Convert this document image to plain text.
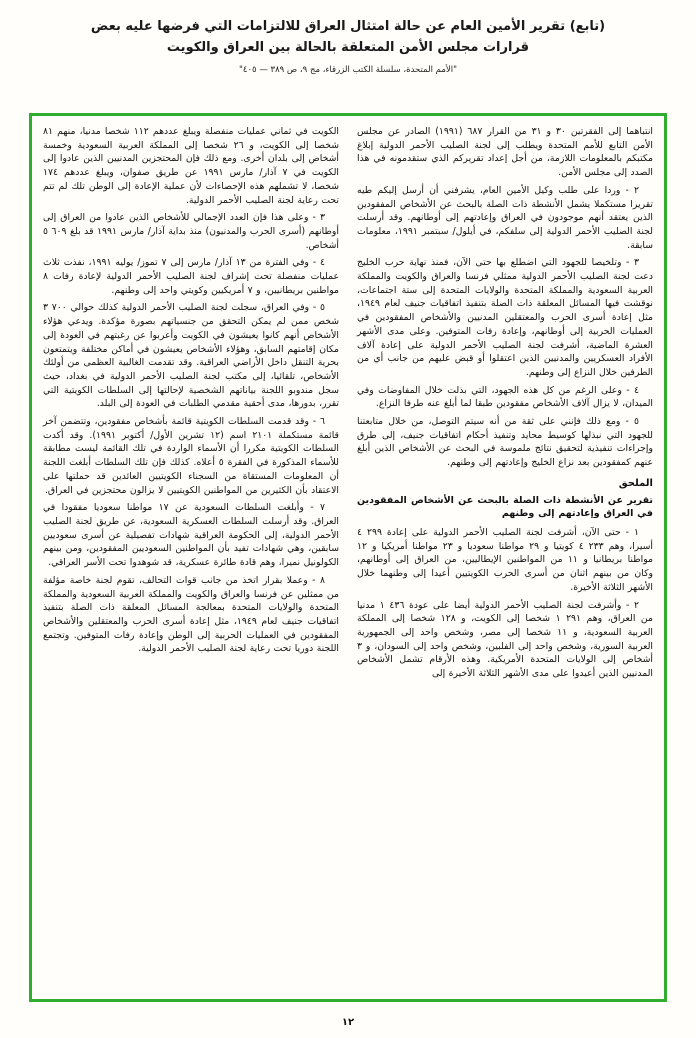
(تابع) تقرير الأمين العام عن حالة امتثال العراق للالتزامات التي فرضها عليه بعض
قرارات مجلس الأمن المتعلقة بالحالة بين العراق والكويت
"الأمم المتحدة، سلسلة الكتب الزرقاء، مج ٩، ص ٣٨٩ — ٤٠٥"

انتباهما إلى الفقرتين ٣٠ و ٣١ من القرار ٦٨٧ (١٩٩١) الصادر عن مجلس الأمن التابع للأمم المتحدة ويطلب إلى لجنة الصليب الأحمر الدولية إبلاغ مكتبكم بالمعلومات اللازمة، من أجل إعداد تقريركم الذي ستقدمونه في هذا الصدد إلى مجلس الأمن.

٢ - وردا على طلب وكيل الأمين العام، يشرفني أن أرسل إليكم طيه تقريرا مستكملا يشمل الأنشطة ذات الصلة بالبحث عن الأشخاص المفقودين الذين يعتقد أنهم موجودون في العراق وإعادتهم إلى أوطانهم. وقد أرسلت لجنة الصليب الأحمر الدولية إلى سلفكم، في أيلول/ سبتمبر ١٩٩١، معلومات سابقة.

٣ - وتلخيصا للجهود التي اضطلع بها حتى الآن، فمنذ نهاية حرب الخليج دعت لجنة الصليب الأحمر الدولية ممثلي فرنسا والعراق والكويت والمملكة العربية السعودية والمملكة المتحدة والولايات المتحدة إلى ستة اجتماعات، نوقشت فيها المسائل المعلقة ذات الصلة بتنفيذ اتفاقيات جنيف لعام ١٩٤٩، مثل إعادة أسرى الحرب والمعتقلين المدنيين والأشخاص المفقودين في العمليات الحربية إلى أوطانهم، وإعادة رفات المتوفين. وعلى مدى الأشهر العشرة الماضية، أشرفت لجنة الصليب الأحمر الدولية على إعادة آلاف الأفراد العسكريين والمدنيين الذين اعتقلوا أو قبض عليهم من جانب أي من الطرفين خلال النزاع إلى وطنهم.

٤ - وعلى الرغم من كل هذه الجهود، التي بذلت خلال المفاوضات وفي الميدان، لا يزال آلاف الأشخاص مفقودين طبقا لما أبلغ عنه طرفا النزاع.

٥ - ومع ذلك فإنني على ثقة من أنه سيتم التوصل، من خلال متابعتنا للجهود التي نبذلها كوسيط محايد وتنفيذ أحكام اتفاقيات جنيف، إلى طرق وإجراءات تنفيذية لتحقيق نتائج ملموسة في البحث عن الأشخاص الذين أبلغ عنهم كمفقودين بعد نزاع الخليج وإعادتهم إلى وطنهم.

الملحق

تقرير عن الأنشطة ذات الصلة بالبحث عن الأشخاص المفقودين في العراق وإعادتهم إلى وطنهم

١ - حتى الآن، أشرفت لجنة الصليب الأحمر الدولية على إعادة ٢٩٩ ٤ أسيرا، وهم ٢٣٣ ٤ كويتيا و ٢٩ مواطنا سعوديا و ٢٣ مواطنا أمريكيا و ١٢ مواطنا بريطانيا و ١١ من المواطنين الإيطاليين، من العراق إلى أوطانهم، وكان من بينهم اثنان من أسرى الحرب الكويتيين أعيدا إلى وطنهما خلال الأشهر الثلاثة الأخيرة.

٢ - وأشرفت لجنة الصليب الأحمر الدولية أيضا على عودة ٤٣٦ ١ مدنيا من العراق، وهم ٢٩١ ١ شخصا إلى الكويت، و ١٢٨ شخصا إلى المملكة العربية السعودية، و ١١ شخصا إلى مصر، وشخص واحد إلى الجمهورية العربية السورية، وشخص واحد إلى الفلبين، وشخص واحد إلى السودان، و ٣ أشخاص إلى الولايات المتحدة الأمريكية. وهذه الأرقام تشمل الأشخاص المدنيين الذين أعيدوا على مدى الأشهر الثلاثة الأخيرة إلى

الكويت في ثماني عمليات منفصلة ويبلغ عددهم ١١٢ شخصا مدنيا، منهم ٨١ شخصا إلى الكويت، و ٢٦ شخصا إلى المملكة العربية السعودية وخمسة أشخاص إلى بلدان أخرى. ومع ذلك فإن المحتجزين المدنيين الذين عادوا إلى الكويت في ٧ آذار/ مارس ١٩٩١ عن طريق صفوان، ويبلغ عددهم ١٧٤ شخصا، لا تشملهم هذه الإحصاءات لأن عملية الإعادة إلى الوطن تلك لم تتم تحت رعاية لجنة الصليب الأحمر الدولية.

٣ - وعلى هذا فإن العدد الإجمالي للأشخاص الذين عادوا من العراق إلى أوطانهم (أسرى الحرب والمدنيون) منذ بداية آذار/ مارس ١٩٩١ قد بلغ ٦٠٩ ٥ أشخاص.

٤ - وفي الفترة من ١٣ آذار/ مارس إلى ٧ تموز/ يوليه ١٩٩١، نفذت ثلاث عمليات منفصلة تحت إشراف لجنة الصليب الأحمر الدولية لإعادة رفات ٨ مواطنين بريطانيين، و ٧ أمريكيين وكويتي واحد إلى وطنهم.

٥ - وفي العراق، سجلت لجنة الصليب الأحمر الدولية كذلك حوالي ٧٠٠ ٣ شخص ممن لم يمكن التحقق من جنسياتهم بصورة مؤكدة. ويدعي هؤلاء الأشخاص أنهم كانوا يعيشون في الكويت وأعربوا عن رغبتهم في العودة إلى مكان إقامتهم السابق، وهؤلاء الأشخاص يعيشون في أماكن مختلفة ويتمتعون بحرية التنقل داخل الأراضي العراقية. وقد تقدمت الغالبية العظمى من أولئك الأشخاص، تلقائيا، إلى مكتب لجنة الصليب الأحمر الدولية في بغداد، حيث سجل مندوبو اللجنة بياناتهم الشخصية لإحالتها إلى السلطات الكويتية التي تقرر، بدورها، مدى أحقية مقدمي الطلبات في العودة إلى البلد.

٦ - وقد قدمت السلطات الكويتية قائمة بأشخاص مفقودين، وتتضمن آخر قائمة مستكملة ٢١٠١ اسم (١٢ تشرين الأول/ أكتوبر ١٩٩١). وقد أكدت السلطات الكويتية مكررا أن الأسماء الواردة في تلك القائمة ليست مطابقة للأسماء المذكورة في الفقرة ٥ أعلاه. كذلك فإن تلك السلطات أبلغت اللجنة أن المعلومات المستقاة من السجناء الكويتيين العائدين قد حملتها على الاعتقاد بأن الكثيرين من المواطنين الكويتيين لا يزالون محتجزين في العراق.

٧ - وأبلغت السلطات السعودية عن ١٧ مواطنا سعوديا مفقودا في العراق. وقد أرسلت السلطات العسكرية السعودية، عن طريق لجنة الصليب الأحمر الدولية، إلى الحكومة العراقية شهادات تفصيلية عن أسرى سعوديين سابقين، وهي شهادات تفيد بأن المواطنين السعوديين المفقودين، ومن بينهم الكولونيل نميرا، وهم قادة طائرة عسكرية، قد شوهدوا تحت الأسر العراقي.

٨ - وعملا بقرار اتخذ من جانب قوات التحالف، تقوم لجنة خاصة مؤلفة من ممثلين عن فرنسا والعراق والكويت والمملكة العربية السعودية والمملكة المتحدة والولايات المتحدة بمعالجة المسائل المعلقة ذات الصلة بتنفيذ اتفاقيات جنيف لعام ١٩٤٩، مثل إعادة أسرى الحرب والمعتقلين والأشخاص المفقودين في العمليات الحربية إلى الوطن وإعادة رفات المتوفين. وتجتمع اللجنة دوريا تحت رعاية لجنة الصليب الأحمر الدولية.

١٢
